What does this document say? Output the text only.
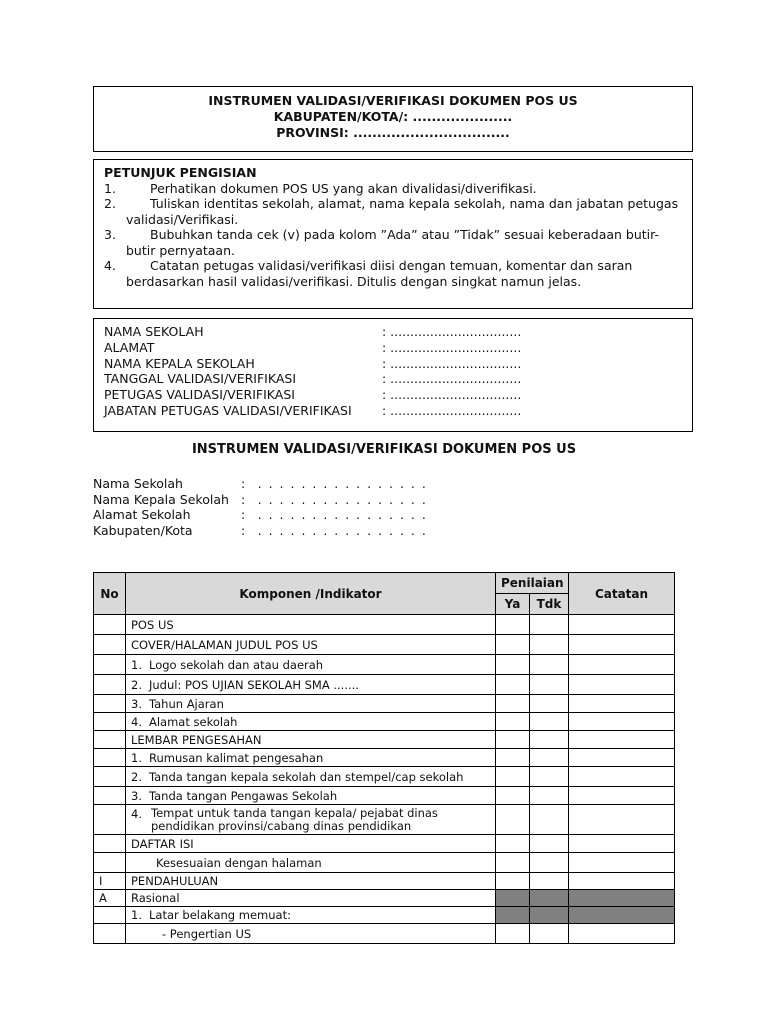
INSTRUMEN VALIDASI/VERIFIKASI DOKUMEN POS US
KABUPATEN/KOTA/: .....................
PROVINSI: .................................
PETUNJUK PENGISIAN
1.	Perhatikan dokumen POS US yang akan divalidasi/diverifikasi.
2.	Tuliskan identitas sekolah, alamat, nama kepala sekolah, nama dan jabatan petugas validasi/Verifikasi.
3.	Bubuhkan tanda cek (v) pada kolom ”Ada” atau ”Tidak” sesuai keberadaan butir-butir pernyataan.
4.	Catatan petugas validasi/verifikasi diisi dengan temuan, komentar dan saran berdasarkan hasil validasi/verifikasi. Ditulis dengan singkat namun jelas.
NAMA SEKOLAH	: .................................
ALAMAT	: .................................
NAMA KEPALA SEKOLAH	: .................................
TANGGAL VALIDASI/VERIFIKASI	: .................................
PETUGAS VALIDASI/VERIFIKASI	: .................................
JABATAN PETUGAS VALIDASI/VERIFIKASI	: .................................
INSTRUMEN VALIDASI/VERIFIKASI DOKUMEN POS US
Nama Sekolah	:  . . . . . . . . . . . . . . . .
Nama Kepala Sekolah :  . . . . . . . . . . . . . . . .
Alamat Sekolah	:  . . . . . . . . . . . . . . . .
Kabupaten/Kota	:  . . . . . . . . . . . . . . . .
No	Komponen /Indikator	Penilaian		Catatan
		Ya	Tdk	
	POS US			
	COVER/HALAMAN JUDUL POS US			
	1. Logo sekolah dan atau daerah			
	2. Judul: POS UJIAN SEKOLAH SMA .......			
	3. Tahun Ajaran			
	4. Alamat sekolah			
	LEMBAR PENGESAHAN			
	1. Rumusan kalimat pengesahan			
	2. Tanda tangan kepala sekolah dan stempel/cap sekolah			
	3. Tanda tangan Pengawas Sekolah			

	4. Tempat untuk tanda tangan kepala/ pejabat dinas pendidikan provinsi/cabang dinas pendidikan			

	DAFTAR ISI			
	Kesesuaian dengan halaman			
I	PENDAHULUAN			
A	Rasional			
	1. Latar belakang memuat:			
	- Pengertian US			
